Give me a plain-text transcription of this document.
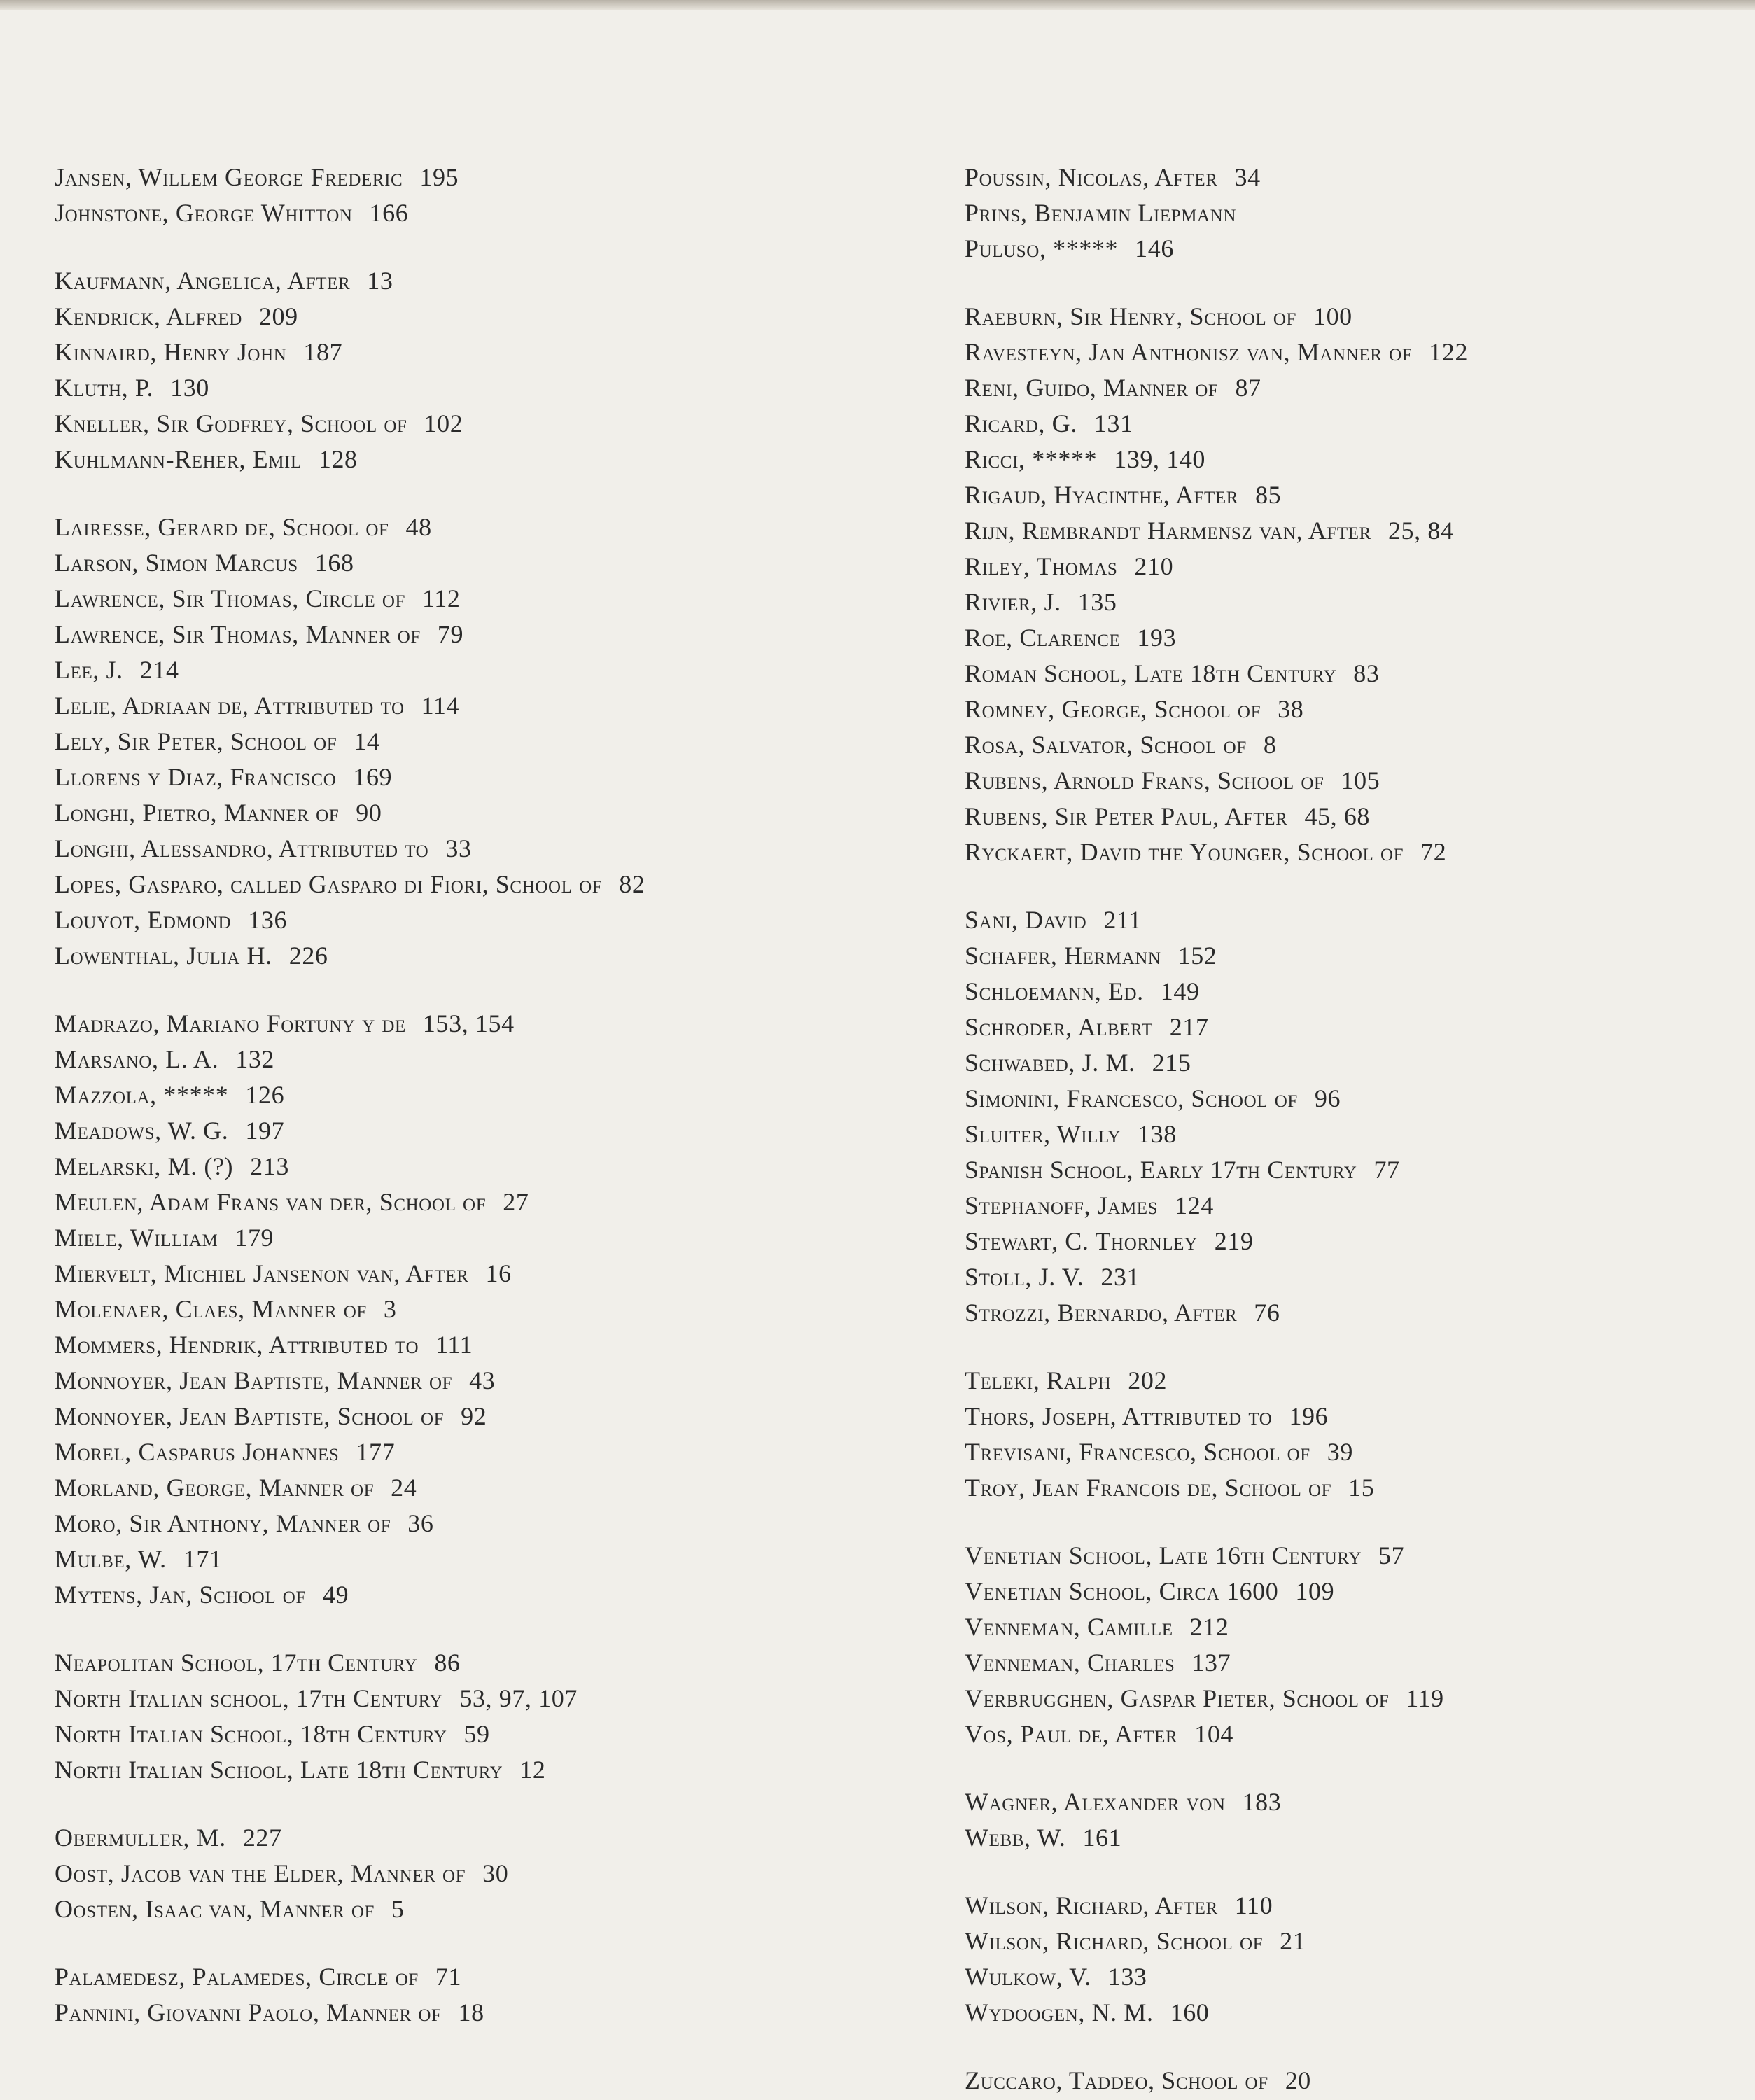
Jansen, Willem George Frederic 195
Johnstone, George Whitton 166
Kaufmann, Angelica, After 13
Kendrick, Alfred 209
Kinnaird, Henry John 187
Kluth, P. 130
Kneller, Sir Godfrey, School of 102
Kuhlmann-Reher, Emil 128
Lairesse, Gerard de, School of 48
Larson, Simon Marcus 168
Lawrence, Sir Thomas, Circle of 112
Lawrence, Sir Thomas, Manner of 79
Lee, J. 214
Lelie, Adriaan de, Attributed to 114
Lely, Sir Peter, School of 14
Llorens y Diaz, Francisco 169
Longhi, Pietro, Manner of 90
Longhi, Alessandro, Attributed to 33
Lopes, Gasparo, called Gasparo di Fiori, School of 82
Louyot, Edmond 136
Lowenthal, Julia H. 226
Madrazo, Mariano Fortuny y de 153, 154
Marsano, L. A. 132
Mazzola, ***** 126
Meadows, W. G. 197
Melarski, M. (?) 213
Meulen, Adam Frans van der, School of 27
Miele, William 179
Miervelt, Michiel Jansenon van, After 16
Molenaer, Claes, Manner of 3
Mommers, Hendrik, Attributed to 111
Monnoyer, Jean Baptiste, Manner of 43
Monnoyer, Jean Baptiste, School of 92
Morel, Casparus Johannes 177
Morland, George, Manner of 24
Moro, Sir Anthony, Manner of 36
Mulbe, W. 171
Mytens, Jan, School of 49
Neapolitan School, 17th Century 86
North Italian school, 17th Century 53, 97, 107
North Italian School, 18th Century 59
North Italian School, Late 18th Century 12
Obermuller, M. 227
Oost, Jacob van the Elder, Manner of 30
Oosten, Isaac van, Manner of 5
Palamedesz, Palamedes, Circle of 71
Pannini, Giovanni Paolo, Manner of 18
Poussin, Nicolas, After 34
Prins, Benjamin Liepmann
Puluso, ***** 146
Raeburn, Sir Henry, School of 100
Ravesteyn, Jan Anthonisz van, Manner of 122
Reni, Guido, Manner of 87
Ricard, G. 131
Ricci, ***** 139, 140
Rigaud, Hyacinthe, After 85
Rijn, Rembrandt Harmensz van, After 25, 84
Riley, Thomas 210
Rivier, J. 135
Roe, Clarence 193
Roman School, Late 18th Century 83
Romney, George, School of 38
Rosa, Salvator, School of 8
Rubens, Arnold Frans, School of 105
Rubens, Sir Peter Paul, After 45, 68
Ryckaert, David the Younger, School of 72
Sani, David 211
Schafer, Hermann 152
Schloemann, Ed. 149
Schroder, Albert 217
Schwabed, J. M. 215
Simonini, Francesco, School of 96
Sluiter, Willy 138
Spanish School, Early 17th Century 77
Stephanoff, James 124
Stewart, C. Thornley 219
Stoll, J. V. 231
Strozzi, Bernardo, After 76
Teleki, Ralph 202
Thors, Joseph, Attributed to 196
Trevisani, Francesco, School of 39
Troy, Jean Francois de, School of 15
Venetian School, Late 16th Century 57
Venetian School, Circa 1600 109
Venneman, Camille 212
Venneman, Charles 137
Verbrugghen, Gaspar Pieter, School of 119
Vos, Paul de, After 104
Wagner, Alexander von 183
Webb, W. 161
Wilson, Richard, After 110
Wilson, Richard, School of 21
Wulkow, V. 133
Wydoogen, N. M. 160
Zuccaro, Taddeo, School of 20
